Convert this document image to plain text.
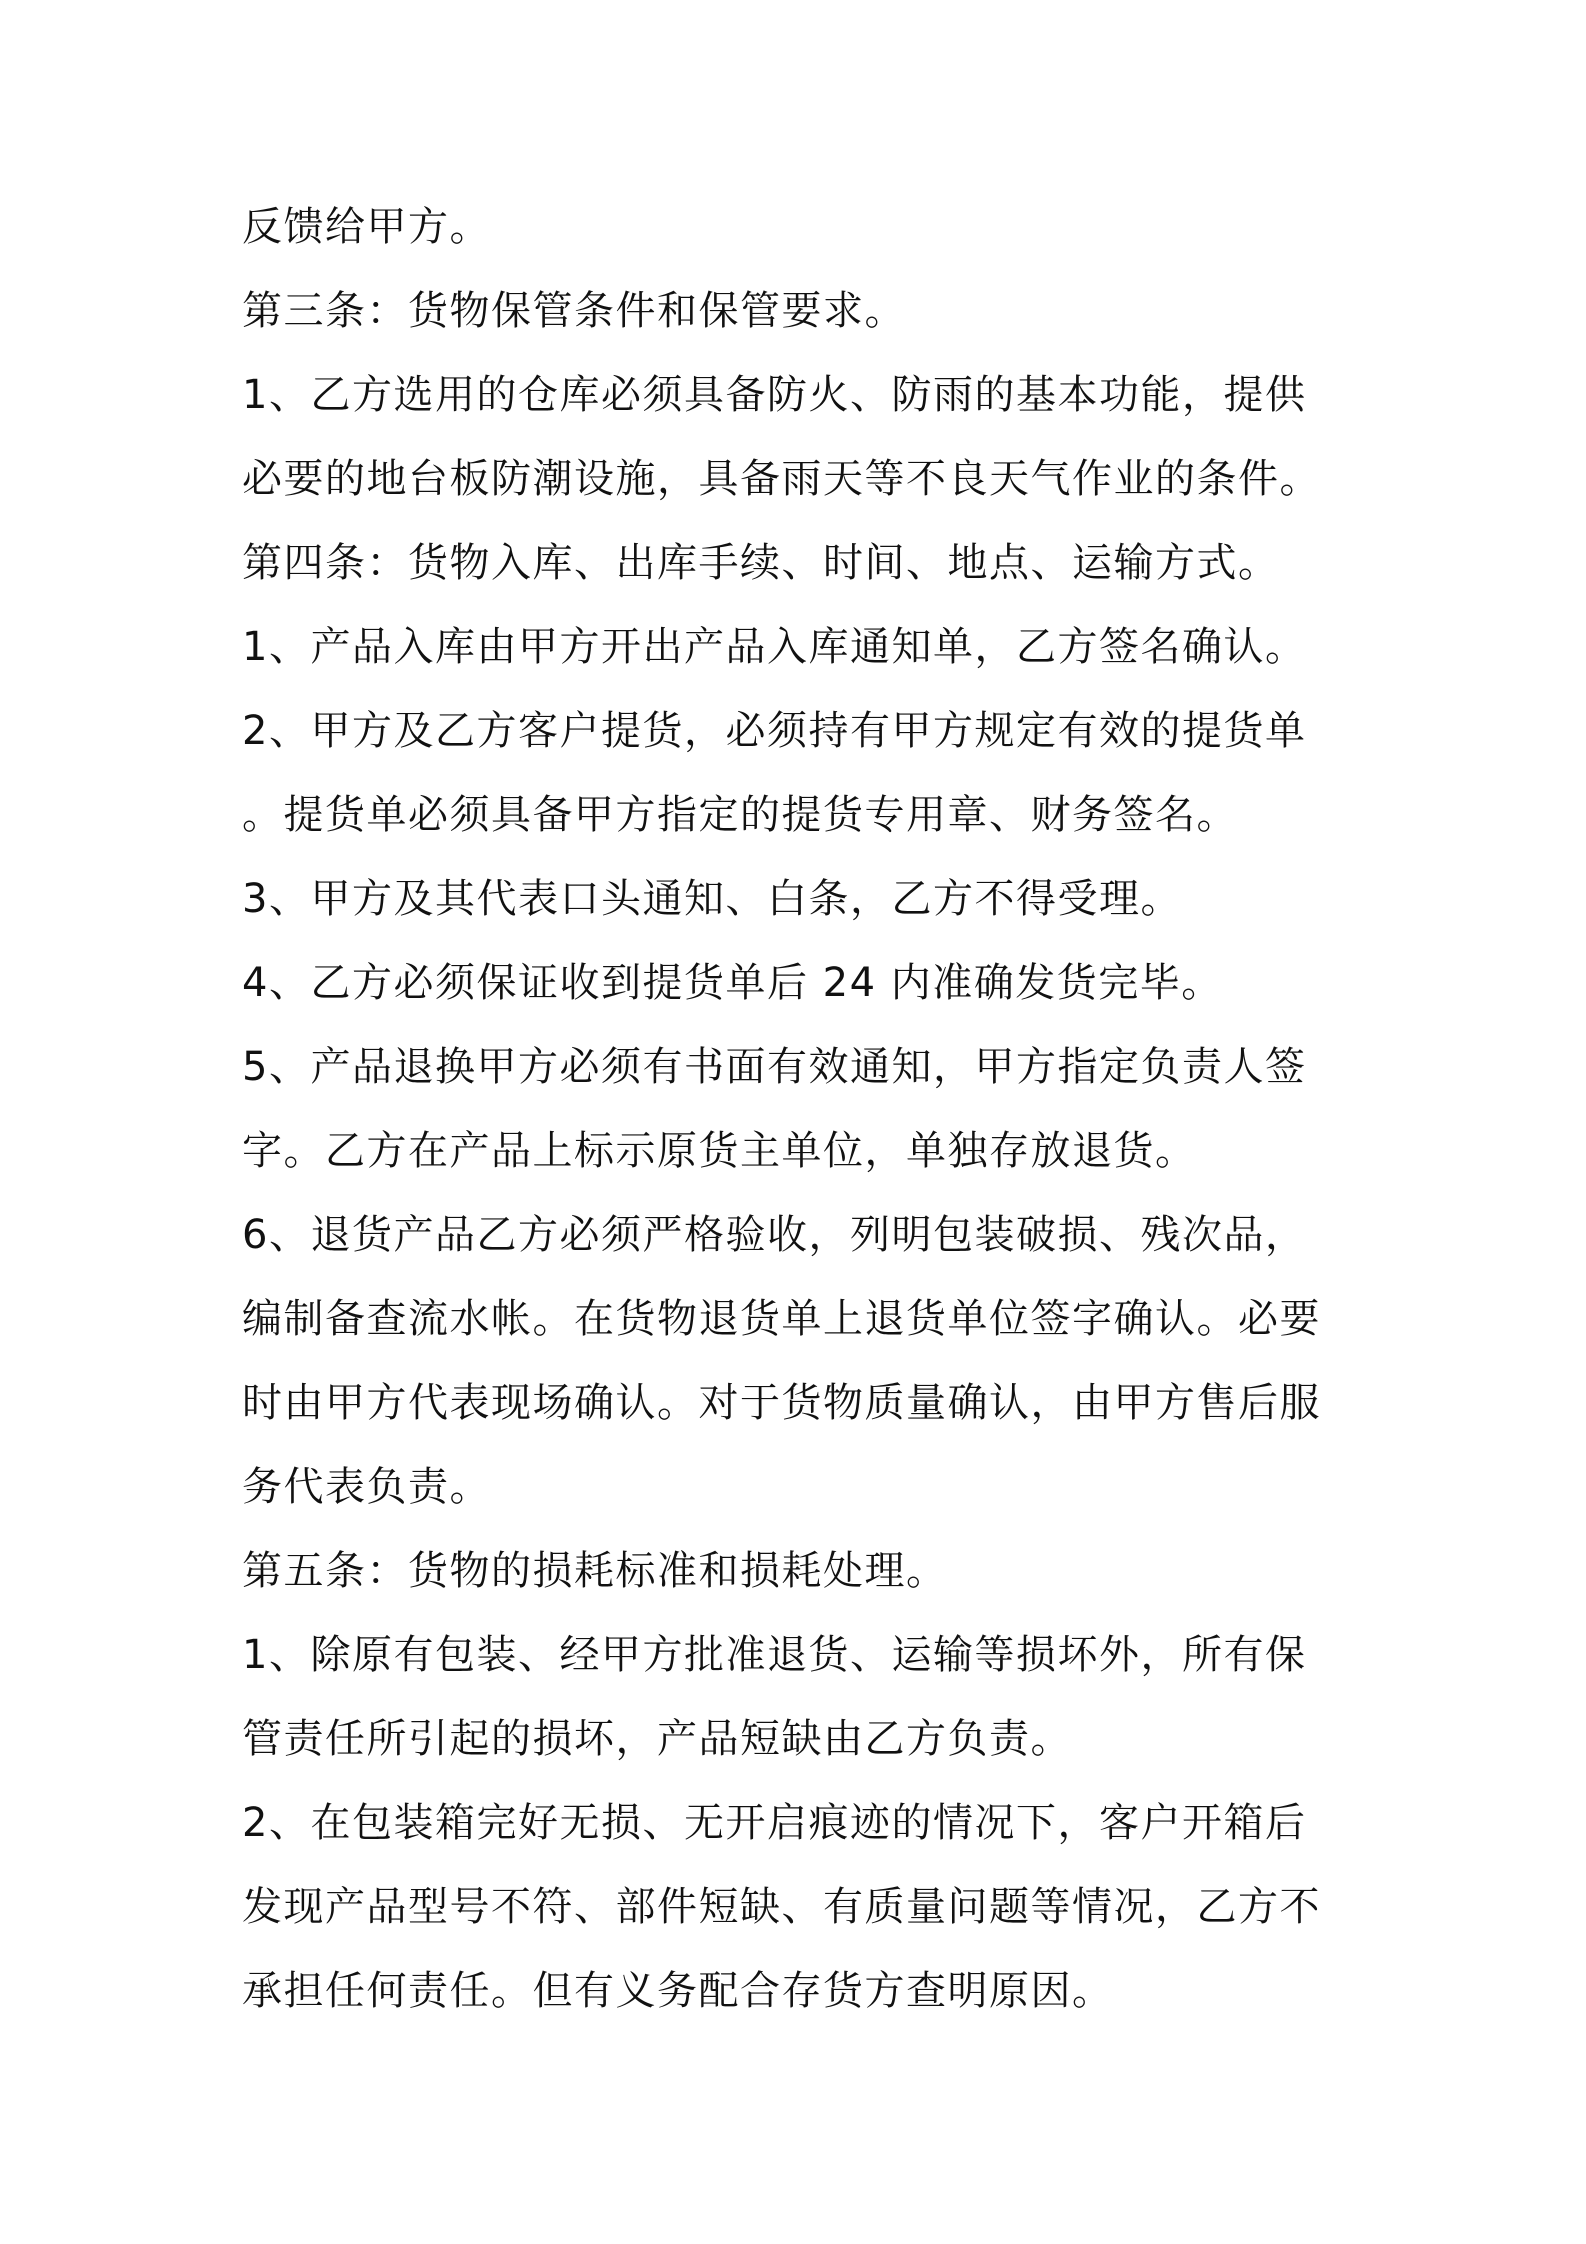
反馈给甲方。
第三条：货物保管条件和保管要求。
1、乙方选用的仓库必须具备防火、防雨的基本功能，提供
必要的地台板防潮设施，具备雨天等不良天气作业的条件。
第四条：货物入库、出库手续、时间、地点、运输方式。
1、产品入库由甲方开出产品入库通知单，乙方签名确认。
2、甲方及乙方客户提货，必须持有甲方规定有效的提货单
。提货单必须具备甲方指定的提货专用章、财务签名。
3、甲方及其代表口头通知、白条，乙方不得受理。
4、乙方必须保证收到提货单后 24 内准确发货完毕。
5、产品退换甲方必须有书面有效通知，甲方指定负责人签
字。乙方在产品上标示原货主单位，单独存放退货。
6、退货产品乙方必须严格验收，列明包装破损、残次品，
编制备查流水帐。在货物退货单上退货单位签字确认。必要
时由甲方代表现场确认。对于货物质量确认，由甲方售后服
务代表负责。
第五条：货物的损耗标准和损耗处理。
1、除原有包装、经甲方批准退货、运输等损坏外，所有保
管责任所引起的损坏，产品短缺由乙方负责。
2、在包装箱完好无损、无开启痕迹的情况下，客户开箱后
发现产品型号不符、部件短缺、有质量问题等情况，乙方不
承担任何责任。但有义务配合存货方查明原因。
